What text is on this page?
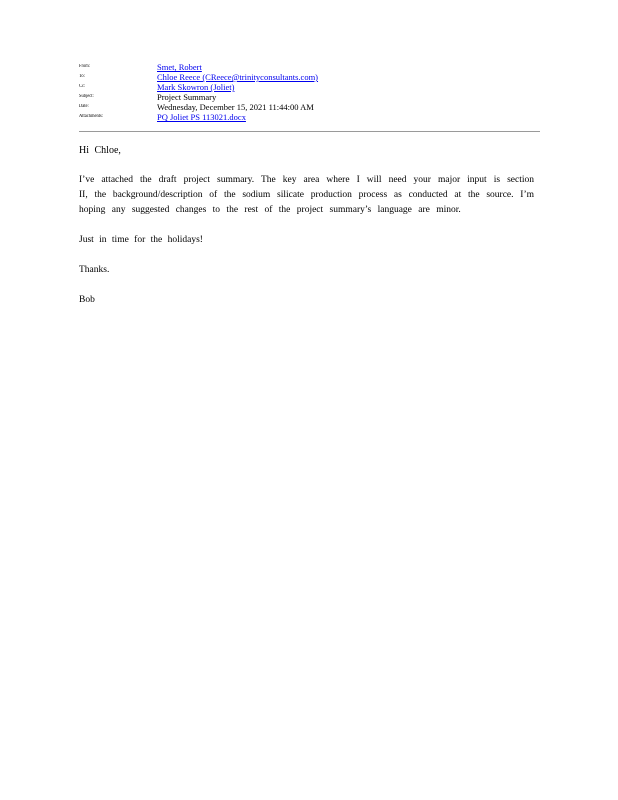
From:	Smet, Robert
To:	Chloe Reece (CReece@trinityconsultants.com)
Cc:	Mark Skowron (Joliet)
Subject:	Project Summary
Date:	Wednesday, December 15, 2021 11:44:00 AM
Attachments:	PQ Joliet PS 113021.docx

Hi Chloe,

I’ve attached the draft project summary. The key area where I will need your major input is section II, the background/description of the sodium silicate production process as conducted at the source. I’m hoping any suggested changes to the rest of the project summary’s language are minor.

Just in time for the holidays!

Thanks.

Bob
